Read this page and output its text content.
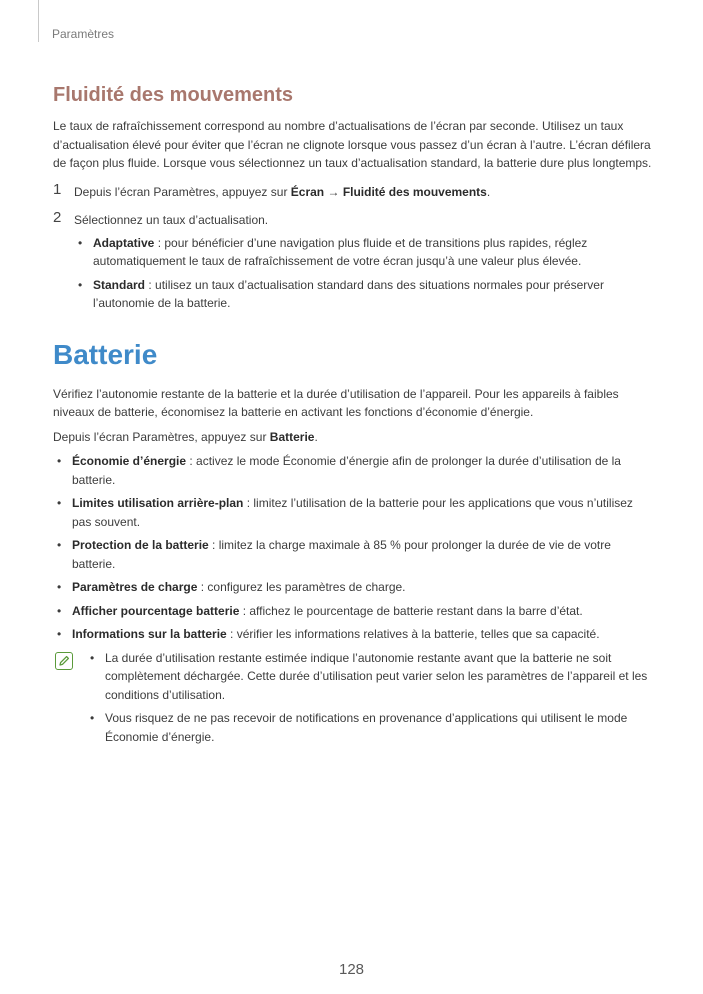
Paramètres
Fluidité des mouvements

Le taux de rafraîchissement correspond au nombre d’actualisations de l’écran par seconde. Utilisez un taux d’actualisation élevé pour éviter que l’écran ne clignote lorsque vous passez d’un écran à l’autre. L’écran défilera de façon plus fluide. Lorsque vous sélectionnez un taux d’actualisation standard, la batterie dure plus longtemps.

1 Depuis l’écran Paramètres, appuyez sur Écran → Fluidité des mouvements.
2 Sélectionnez un taux d’actualisation.
• Adaptative : pour bénéficier d’une navigation plus fluide et de transitions plus rapides, réglez automatiquement le taux de rafraîchissement de votre écran jusqu’à une valeur plus élevée.
• Standard : utilisez un taux d’actualisation standard dans des situations normales pour préserver l’autonomie de la batterie.
Batterie

Vérifiez l’autonomie restante de la batterie et la durée d’utilisation de l’appareil. Pour les appareils à faibles niveaux de batterie, économisez la batterie en activant les fonctions d’économie d’énergie.

Depuis l’écran Paramètres, appuyez sur Batterie.

• Économie d’énergie : activez le mode Économie d’énergie afin de prolonger la durée d’utilisation de la batterie.
• Limites utilisation arrière-plan : limitez l’utilisation de la batterie pour les applications que vous n’utilisez pas souvent.
• Protection de la batterie : limitez la charge maximale à 85 % pour prolonger la durée de vie de votre batterie.
• Paramètres de charge : configurez les paramètres de charge.
• Afficher pourcentage batterie : affichez le pourcentage de batterie restant dans la barre d’état.
• Informations sur la batterie : vérifier les informations relatives à la batterie, telles que sa capacité.
• La durée d’utilisation restante estimée indique l’autonomie restante avant que la batterie ne soit complètement déchargée. Cette durée d’utilisation peut varier selon les paramètres de l’appareil et les conditions d’utilisation.
• Vous risquez de ne pas recevoir de notifications en provenance d’applications qui utilisent le mode Économie d’énergie.
128
